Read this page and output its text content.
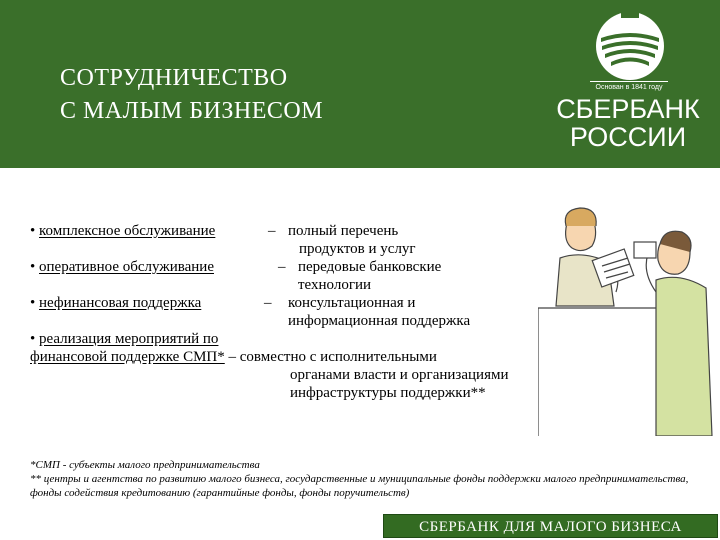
СОТРУДНИЧЕСТВО
С МАЛЫМ БИЗНЕСОМ
Основан в 1841 году
СБЕРБАНК
РОССИИ
• комплексное обслуживание	– полный перечень
продуктов и услуг
• оперативное обслуживание	– передовые банковские
технологии
• нефинансовая поддержка	– консультационная и
информационная поддержка
• реализация мероприятий по
финансовой поддержке СМП* – совместно с исполнительными
органами власти и организациями
инфраструктуры поддержки**
*СМП - субъекты малого предпринимательства
** центры и агентства по развитию малого бизнеса, государственные и муниципальные фонды поддержки малого предпринимательства, фонды содействия кредитованию (гарантийные фонды, фонды поручительств)
СБЕРБАНК ДЛЯ МАЛОГО БИЗНЕСА
